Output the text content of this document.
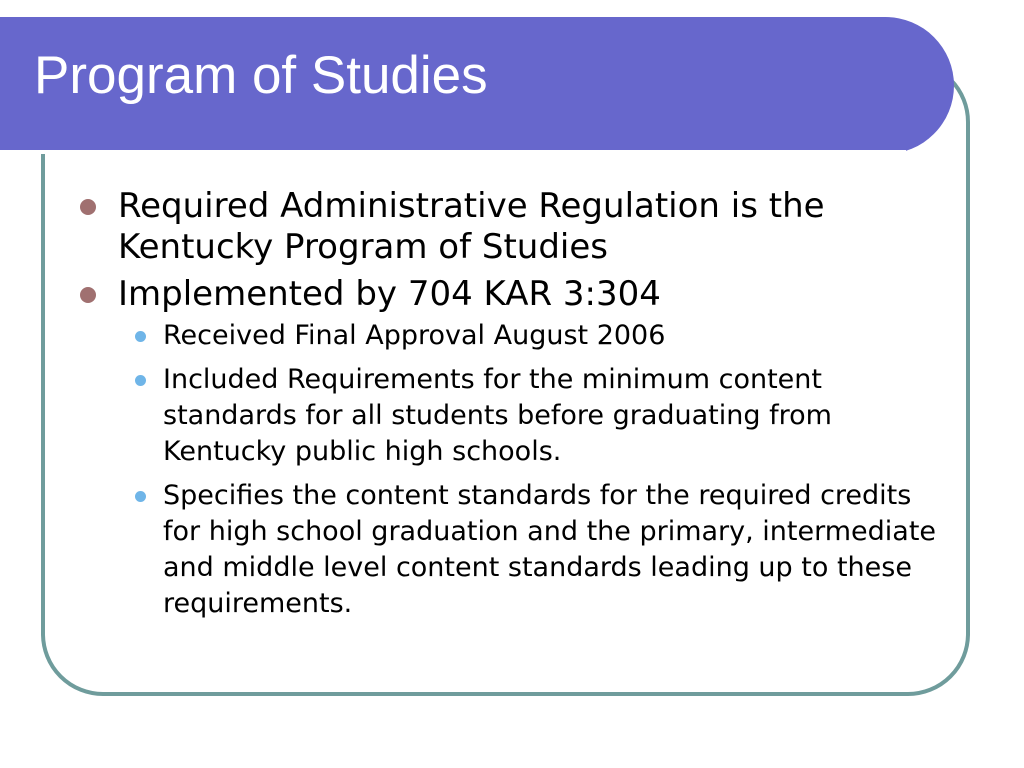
Program of Studies
Required Administrative Regulation is the Kentucky Program of Studies
Implemented by 704 KAR 3:304
Received Final Approval August 2006
Included Requirements for the minimum content standards for all students before graduating from Kentucky public high schools.
Specifies the content standards for the required credits for high school graduation and the primary, intermediate and middle level content standards leading up to these requirements.
